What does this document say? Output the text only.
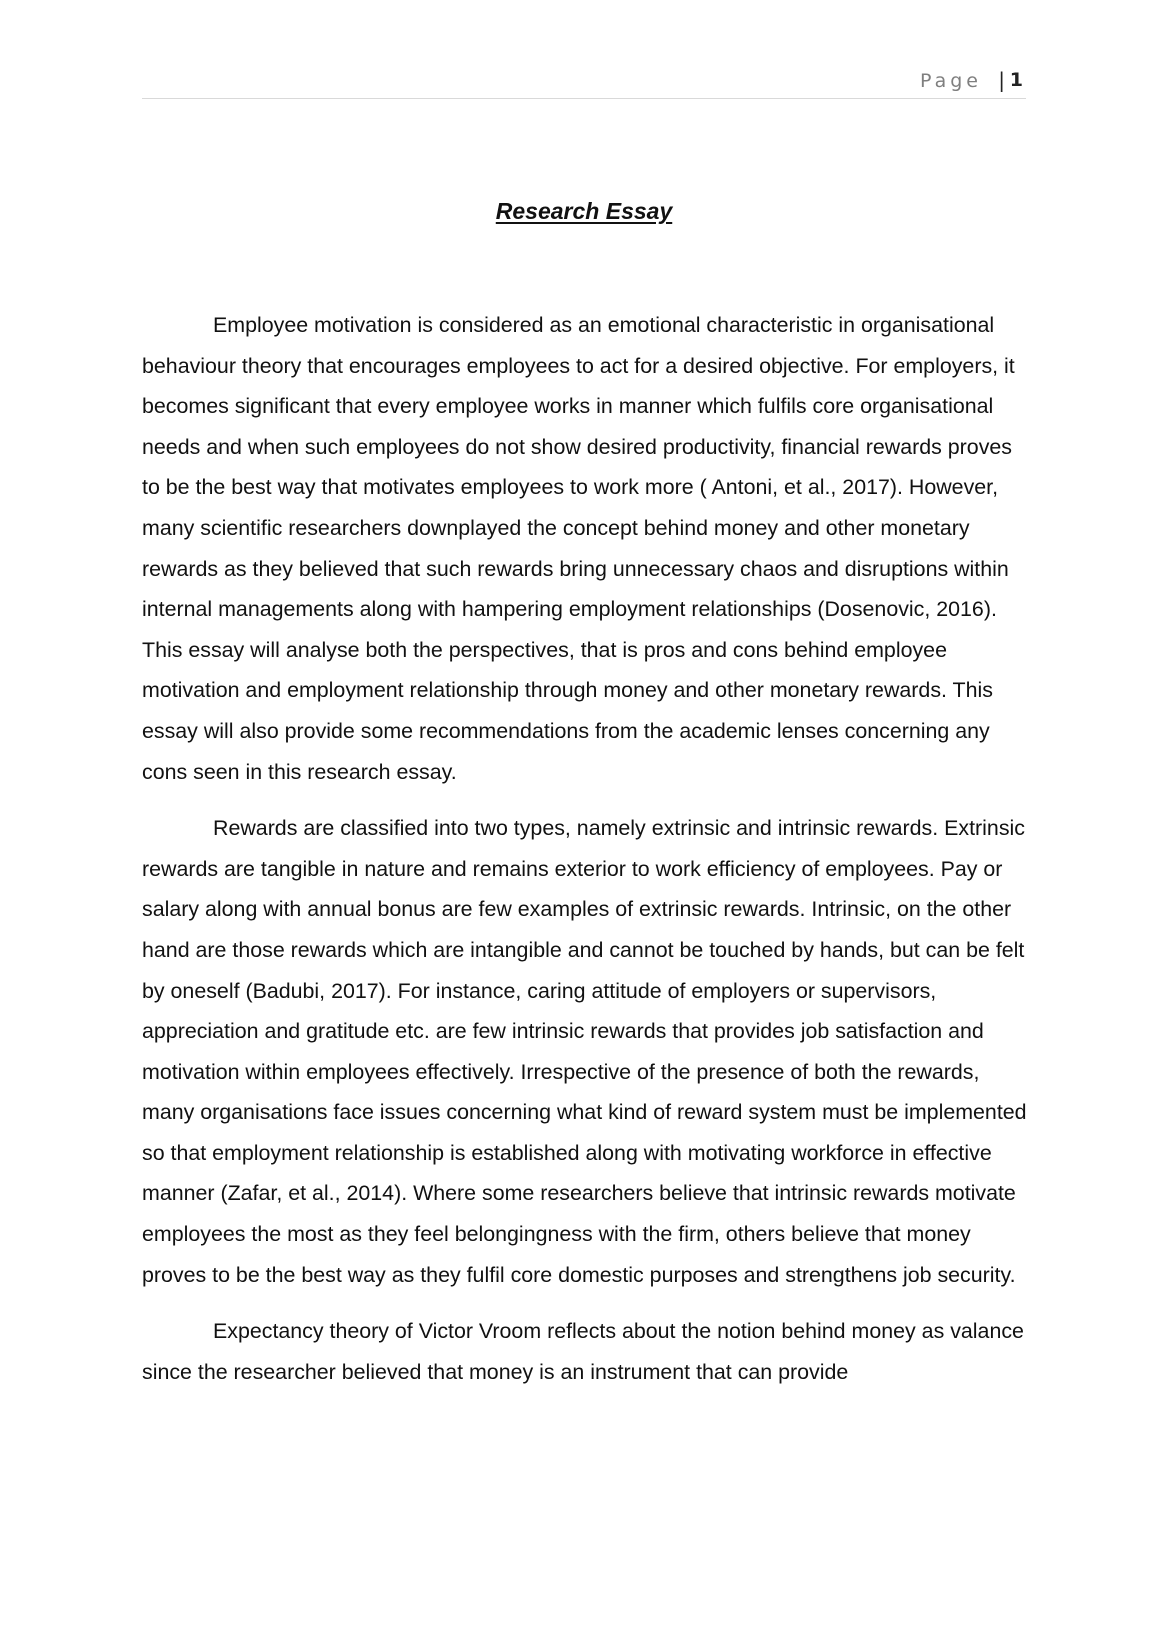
Page | 1
Research Essay

Employee motivation is considered as an emotional characteristic in organisational behaviour theory that encourages employees to act for a desired objective. For employers, it becomes significant that every employee works in manner which fulfils core organisational needs and when such employees do not show desired productivity, financial rewards proves to be the best way that motivates employees to work more ( Antoni, et al., 2017). However, many scientific researchers downplayed the concept behind money and other monetary rewards as they believed that such rewards bring unnecessary chaos and disruptions within internal managements along with hampering employment relationships (Dosenovic, 2016). This essay will analyse both the perspectives, that is pros and cons behind employee motivation and employment relationship through money and other monetary rewards. This essay will also provide some recommendations from the academic lenses concerning any cons seen in this research essay.

Rewards are classified into two types, namely extrinsic and intrinsic rewards. Extrinsic rewards are tangible in nature and remains exterior to work efficiency of employees. Pay or salary along with annual bonus are few examples of extrinsic rewards. Intrinsic, on the other hand are those rewards which are intangible and cannot be touched by hands, but can be felt by oneself (Badubi, 2017). For instance, caring attitude of employers or supervisors, appreciation and gratitude etc. are few intrinsic rewards that provides job satisfaction and motivation within employees effectively. Irrespective of the presence of both the rewards, many organisations face issues concerning what kind of reward system must be implemented so that employment relationship is established along with motivating workforce in effective manner (Zafar, et al., 2014). Where some researchers believe that intrinsic rewards motivate employees the most as they feel belongingness with the firm, others believe that money proves to be the best way as they fulfil core domestic purposes and strengthens job security.

Expectancy theory of Victor Vroom reflects about the notion behind money as valance since the researcher believed that money is an instrument that can provide
